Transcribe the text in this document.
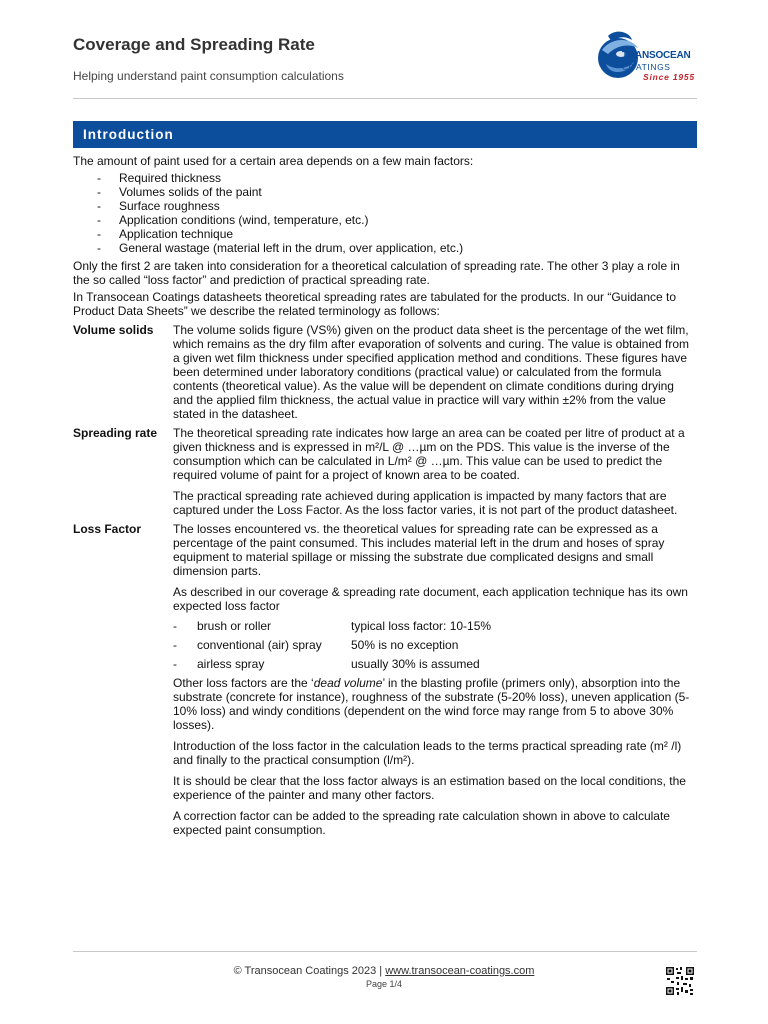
Coverage and Spreading Rate
Helping understand paint consumption calculations
TRANSOCEAN
COATINGS
Since 1955
Introduction

The amount of paint used for a certain area depends on a few main factors:

- Required thickness
- Volumes solids of the paint
- Surface roughness
- Application conditions (wind, temperature, etc.)
- Application technique
- General wastage (material left in the drum, over application, etc.)

Only the first 2 are taken into consideration for a theoretical calculation of spreading rate. The other 3 play a role in the so called “loss factor” and prediction of practical spreading rate.

In Transocean Coatings datasheets theoretical spreading rates are tabulated for the products. In our “Guidance to Product Data Sheets” we describe the related terminology as follows:

Volume solids	The volume solids figure (VS%) given on the product data sheet is the percentage of the wet film, which remains as the dry film after evaporation of solvents and curing. The value is obtained from a given wet film thickness under specified application method and conditions. These figures have been determined under laboratory conditions (practical value) or calculated from the formula contents (theoretical value). As the value will be dependent on climate conditions during drying and the applied film thickness, the actual value in practice will vary within ±2% from the value stated in the datasheet.
Spreading rate	The theoretical spreading rate indicates how large an area can be coated per litre of product at a given thickness and is expressed in m²/L @ …µm on the PDS. This value is the inverse of the consumption which can be calculated in L/m² @ …µm. This value can be used to predict the required volume of paint for a project of known area to be coated.
The practical spreading rate achieved during application is impacted by many factors that are captured under the Loss Factor. As the loss factor varies, it is not part of the product datasheet.
Loss Factor	The losses encountered vs. the theoretical values for spreading rate can be expressed as a percentage of the paint consumed. This includes material left in the drum and hoses of spray equipment to material spillage or missing the substrate due complicated designs and small dimension parts.
As described in our coverage & spreading rate document, each application technique has its own expected loss factor
-	brush or roller	typical loss factor: 10-15%
-	conventional (air) spray	50% is no exception
-	airless spray	usually 30% is assumed
Other loss factors are the ‘dead volume’ in the blasting profile (primers only), absorption into the substrate (concrete for instance), roughness of the substrate (5-20% loss), uneven application (5-10% loss) and windy conditions (dependent on the wind force may range from 5 to above 30% losses).
Introduction of the loss factor in the calculation leads to the terms practical spreading rate (m² /l) and finally to the practical consumption (l/m²).
It is should be clear that the loss factor always is an estimation based on the local conditions, the experience of the painter and many other factors.
A correction factor can be added to the spreading rate calculation shown in above to calculate expected paint consumption.
© Transocean Coatings 2023 | www.transocean-coatings.com
Page 1/4
